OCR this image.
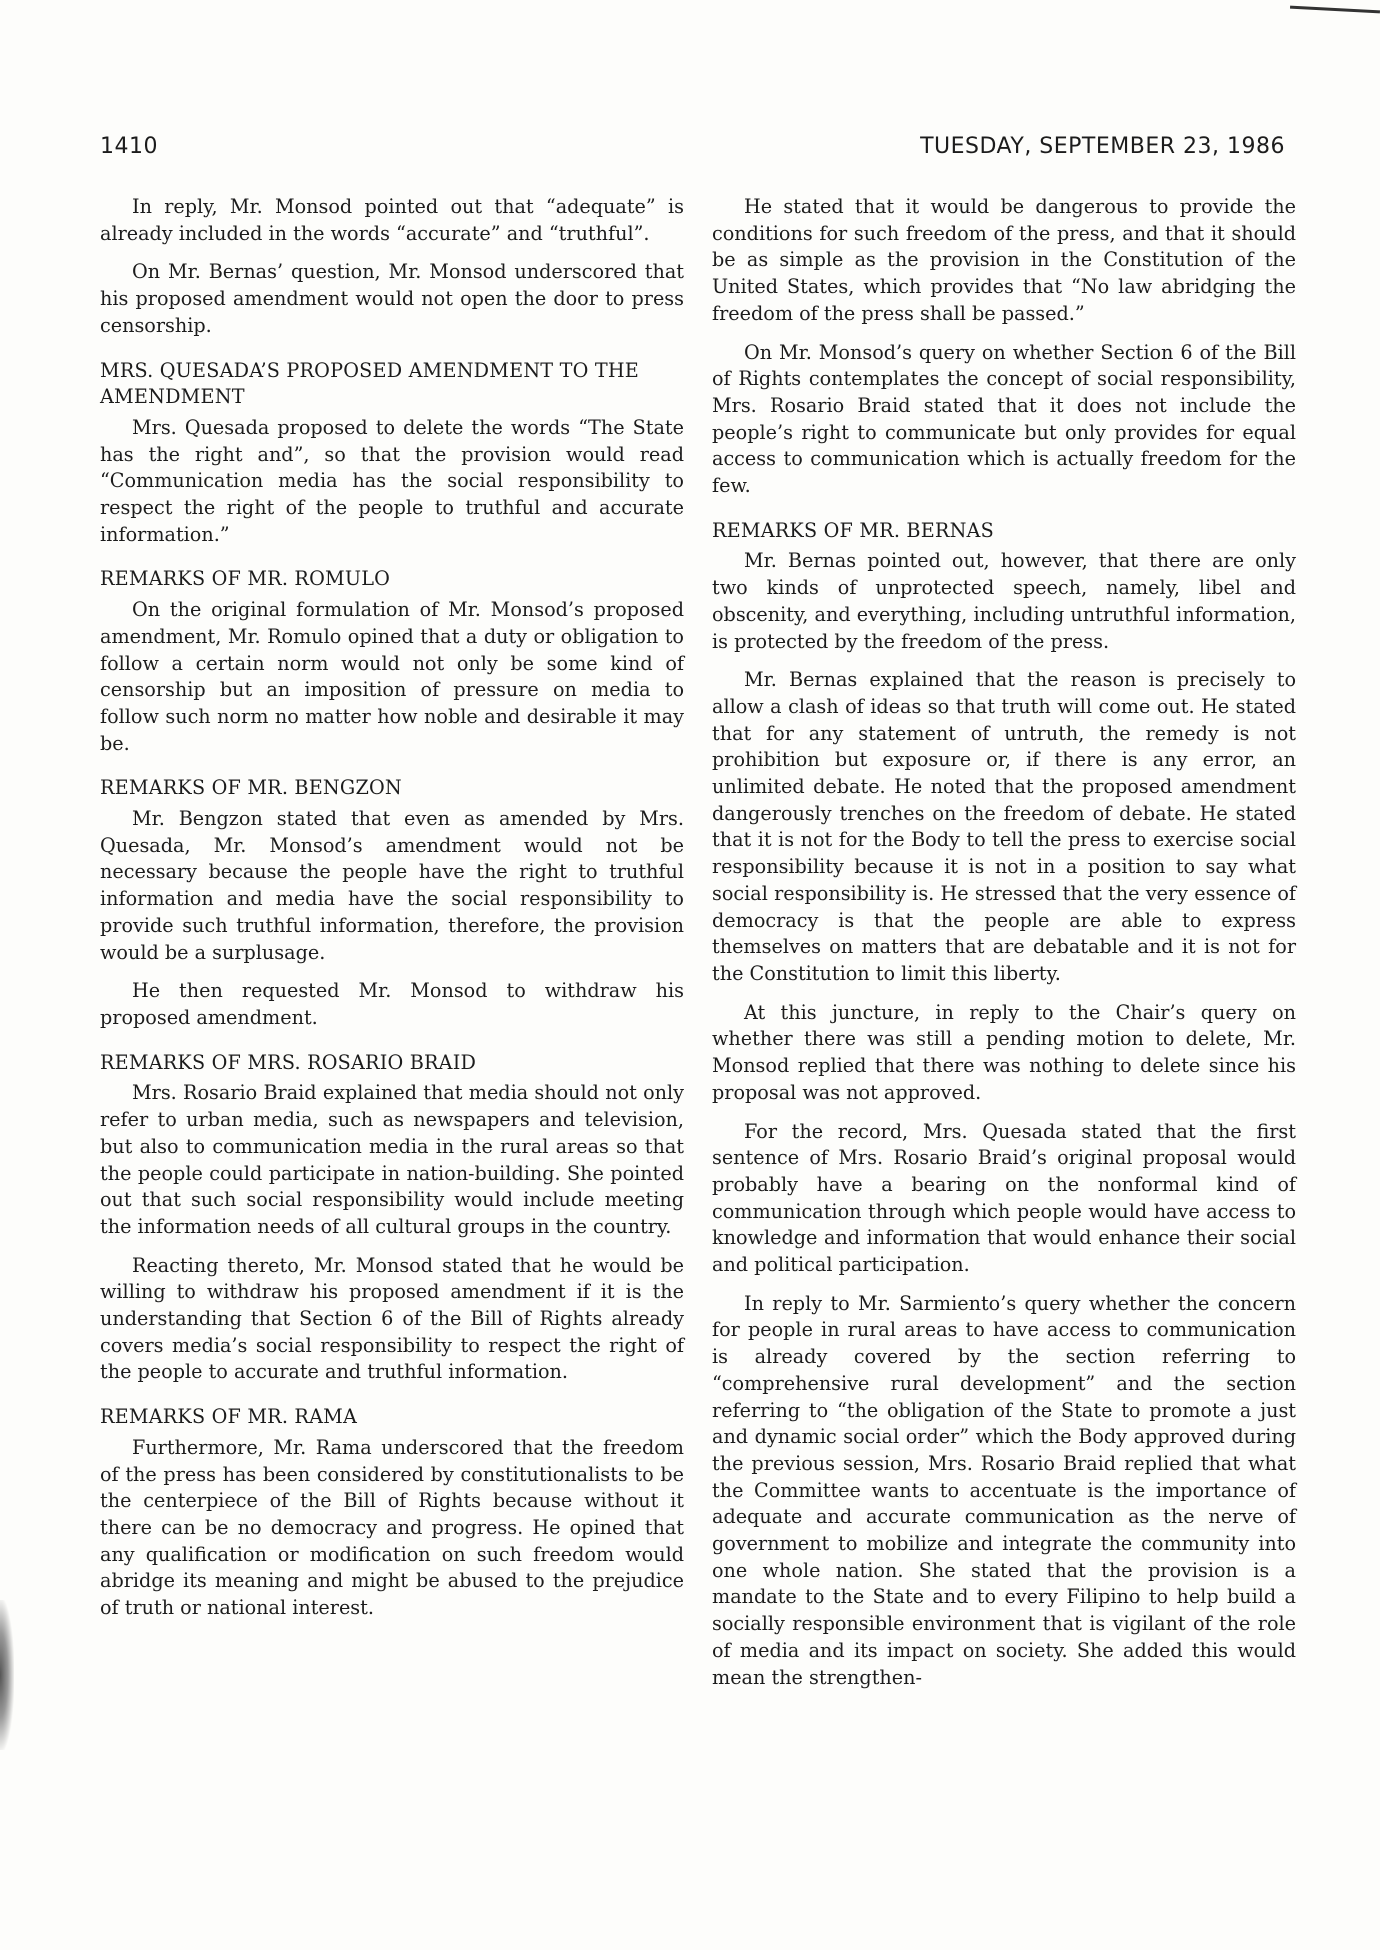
1410	TUESDAY, SEPTEMBER 23, 1986

In reply, Mr. Monsod pointed out that “adequate” is already included in the words “accurate” and “truthful”.

On Mr. Bernas’ question, Mr. Monsod underscored that his proposed amendment would not open the door to press censorship.

MRS. QUESADA’S PROPOSED AMENDMENT TO THE AMENDMENT

Mrs. Quesada proposed to delete the words “The State has the right and”, so that the provision would read “Communication media has the social responsibility to respect the right of the people to truthful and accurate information.”

REMARKS OF MR. ROMULO

On the original formulation of Mr. Monsod’s proposed amendment, Mr. Romulo opined that a duty or obligation to follow a certain norm would not only be some kind of censorship but an imposition of pressure on media to follow such norm no matter how noble and desirable it may be.

REMARKS OF MR. BENGZON

Mr. Bengzon stated that even as amended by Mrs. Quesada, Mr. Monsod’s amendment would not be necessary because the people have the right to truthful information and media have the social responsibility to provide such truthful information, therefore, the provision would be a surplusage.

He then requested Mr. Monsod to withdraw his proposed amendment.

REMARKS OF MRS. ROSARIO BRAID

Mrs. Rosario Braid explained that media should not only refer to urban media, such as newspapers and television, but also to communication media in the rural areas so that the people could participate in nation-building. She pointed out that such social responsibility would include meeting the information needs of all cultural groups in the country.

Reacting thereto, Mr. Monsod stated that he would be willing to withdraw his proposed amendment if it is the understanding that Section 6 of the Bill of Rights already covers media’s social responsibility to respect the right of the people to accurate and truthful information.

REMARKS OF MR. RAMA

Furthermore, Mr. Rama underscored that the freedom of the press has been considered by constitutionalists to be the centerpiece of the Bill of Rights because without it there can be no democracy and progress. He opined that any qualification or modification on such freedom would abridge its meaning and might be abused to the prejudice of truth or national interest.

He stated that it would be dangerous to provide the conditions for such freedom of the press, and that it should be as simple as the provision in the Constitution of the United States, which provides that “No law abridging the freedom of the press shall be passed.”

On Mr. Monsod’s query on whether Section 6 of the Bill of Rights contemplates the concept of social responsibility, Mrs. Rosario Braid stated that it does not include the people’s right to communicate but only provides for equal access to communication which is actually freedom for the few.

REMARKS OF MR. BERNAS

Mr. Bernas pointed out, however, that there are only two kinds of unprotected speech, namely, libel and obscenity, and everything, including untruthful information, is protected by the freedom of the press.

Mr. Bernas explained that the reason is precisely to allow a clash of ideas so that truth will come out. He stated that for any statement of untruth, the remedy is not prohibition but exposure or, if there is any error, an unlimited debate. He noted that the proposed amendment dangerously trenches on the freedom of debate. He stated that it is not for the Body to tell the press to exercise social responsibility because it is not in a position to say what social responsibility is. He stressed that the very essence of democracy is that the people are able to express themselves on matters that are debatable and it is not for the Constitution to limit this liberty.

At this juncture, in reply to the Chair’s query on whether there was still a pending motion to delete, Mr. Monsod replied that there was nothing to delete since his proposal was not approved.

For the record, Mrs. Quesada stated that the first sentence of Mrs. Rosario Braid’s original proposal would probably have a bearing on the nonformal kind of communication through which people would have access to knowledge and information that would enhance their social and political participation.

In reply to Mr. Sarmiento’s query whether the concern for people in rural areas to have access to communication is already covered by the section referring to “comprehensive rural development” and the section referring to “the obligation of the State to promote a just and dynamic social order” which the Body approved during the previous session, Mrs. Rosario Braid replied that what the Committee wants to accentuate is the importance of adequate and accurate communication as the nerve of government to mobilize and integrate the community into one whole nation. She stated that the provision is a mandate to the State and to every Filipino to help build a socially responsible environment that is vigilant of the role of media and its impact on society. She added this would mean the strengthen-
